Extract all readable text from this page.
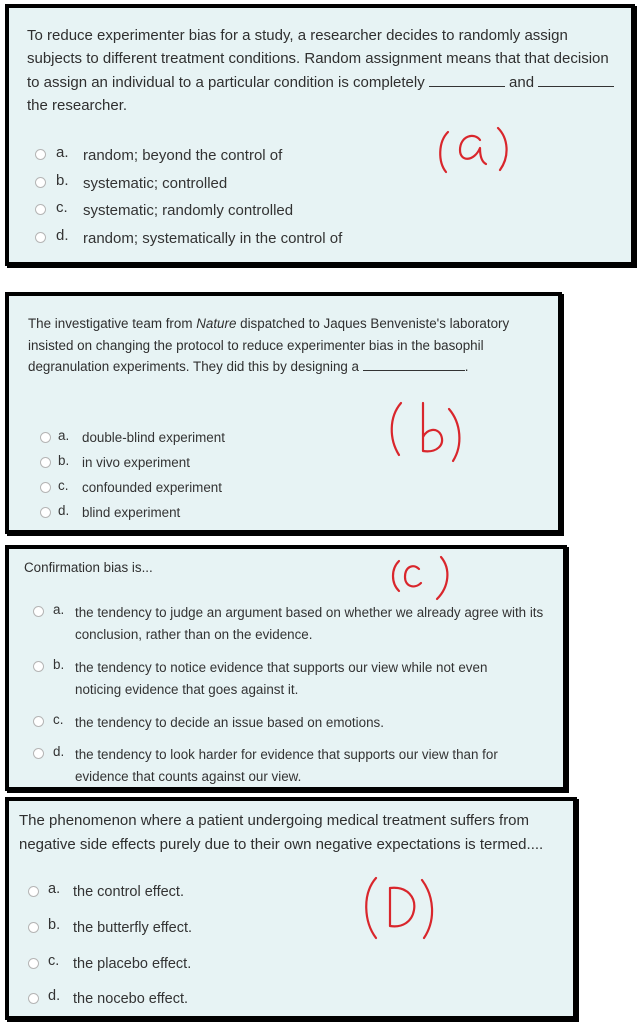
To reduce experimenter bias for a study, a researcher decides to randomly assign subjects to different treatment conditions. Random assignment means that that decision to assign an individual to a particular condition is completely	and  the researcher.
a. random; beyond the control of
b. systematic; controlled
c.	systematic; randomly controlled
d. random; systematically in the control of
The investigative team from Nature dispatched to Jaques Benveniste's laboratory insisted on changing the protocol to reduce experimenter bias in the basophil degranulation experiments. They did this by designing a	.
a. double-blind experiment
b. in vivo experiment
c.	confounded experiment
d. blind experiment
Confirmation bias is...
a. the tendency to judge an argument based on whether we already agree with its conclusion, rather than on the evidence.
b. the tendency to notice evidence that supports our view while not even noticing evidence that goes against it.
c. the tendency to decide an issue based on emotions.
d. the tendency to look harder for evidence that supports our view than for evidence that counts against our view.
The phenomenon where a patient undergoing medical treatment suffers from negative side effects purely due to their own negative expectations is termed....
a. the control effect.
b. the butterfly effect.
c. the placebo effect.
d. the nocebo effect.
